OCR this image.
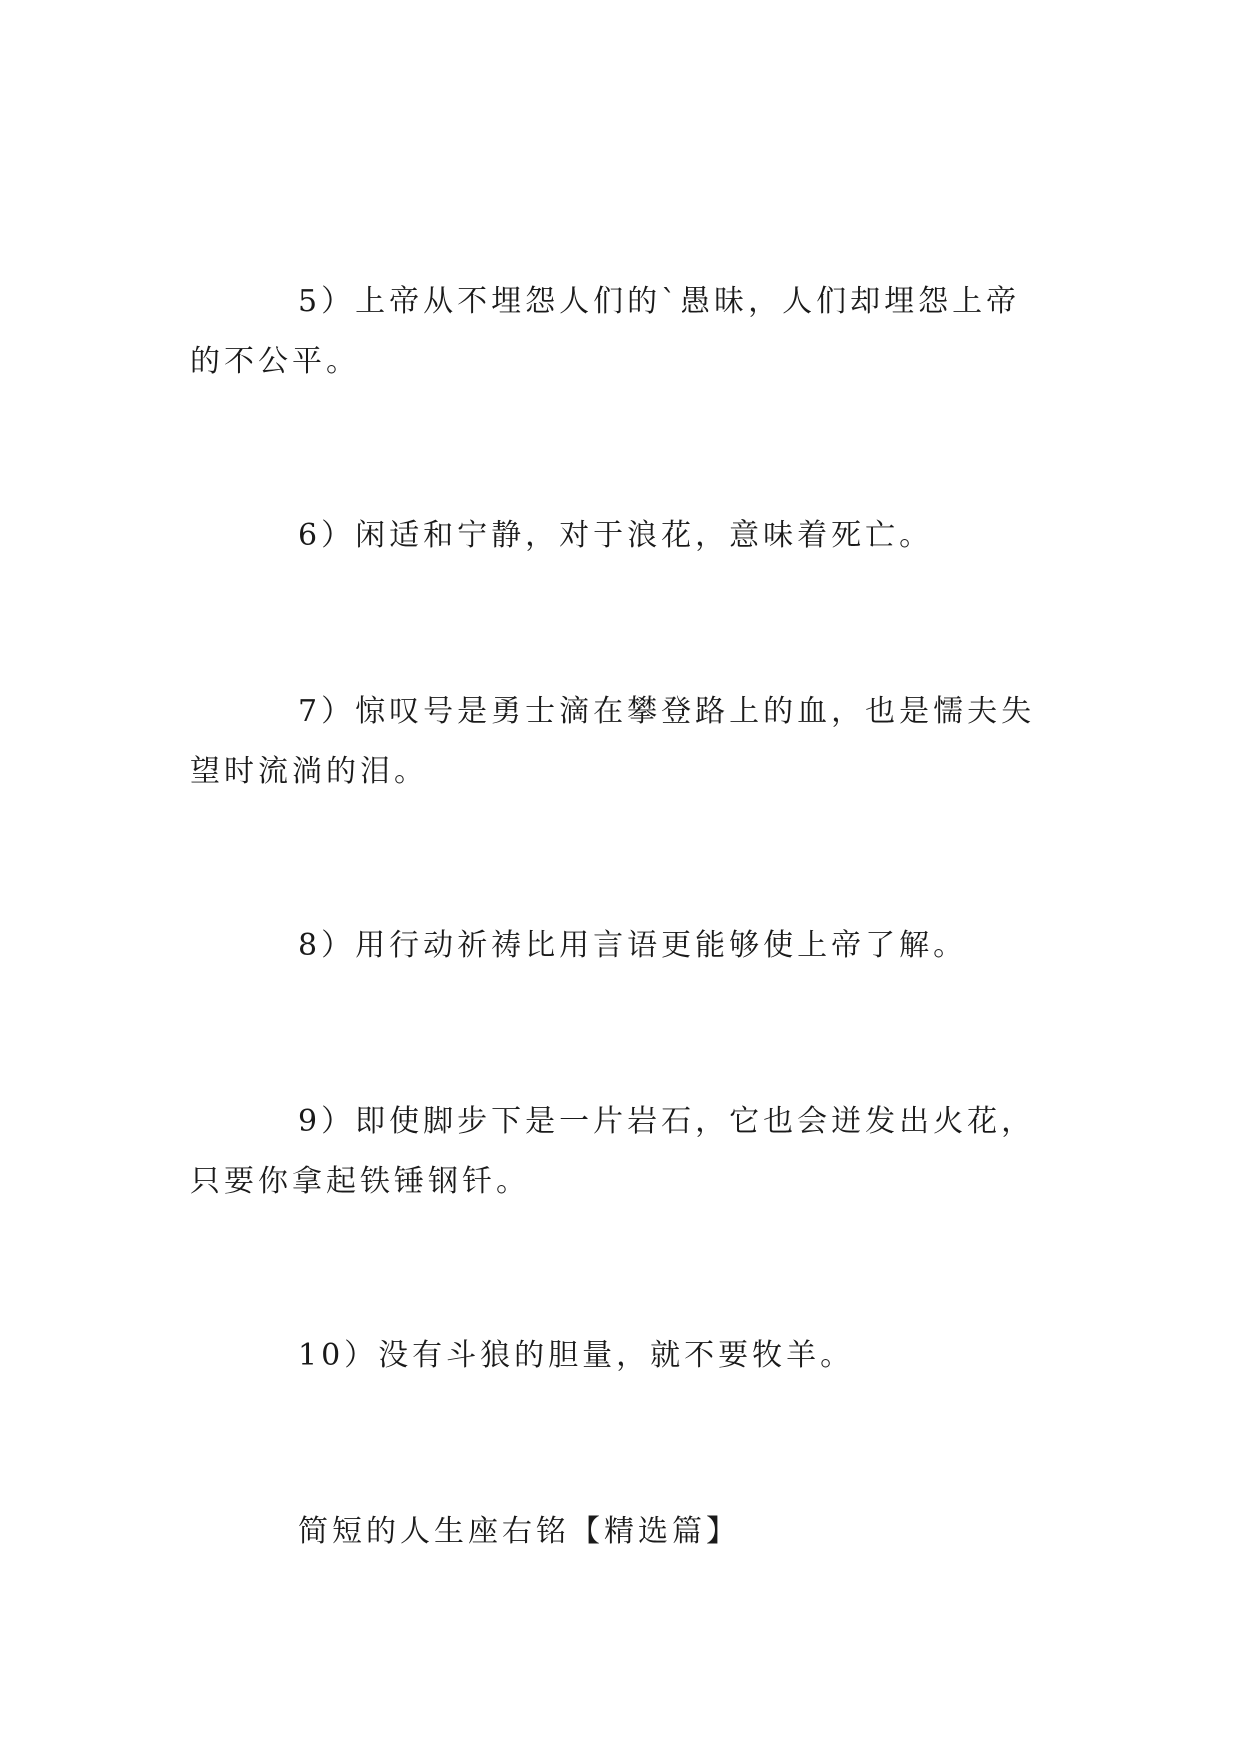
5）上帝从不埋怨人们的`愚昧，人们却埋怨上帝的不公平。

6）闲适和宁静，对于浪花，意味着死亡。

7）惊叹号是勇士滴在攀登路上的血，也是懦夫失望时流淌的泪。

8）用行动祈祷比用言语更能够使上帝了解。

9）即使脚步下是一片岩石，它也会迸发出火花，只要你拿起铁锤钢钎。

10）没有斗狼的胆量，就不要牧羊。

简短的人生座右铭【精选篇】
